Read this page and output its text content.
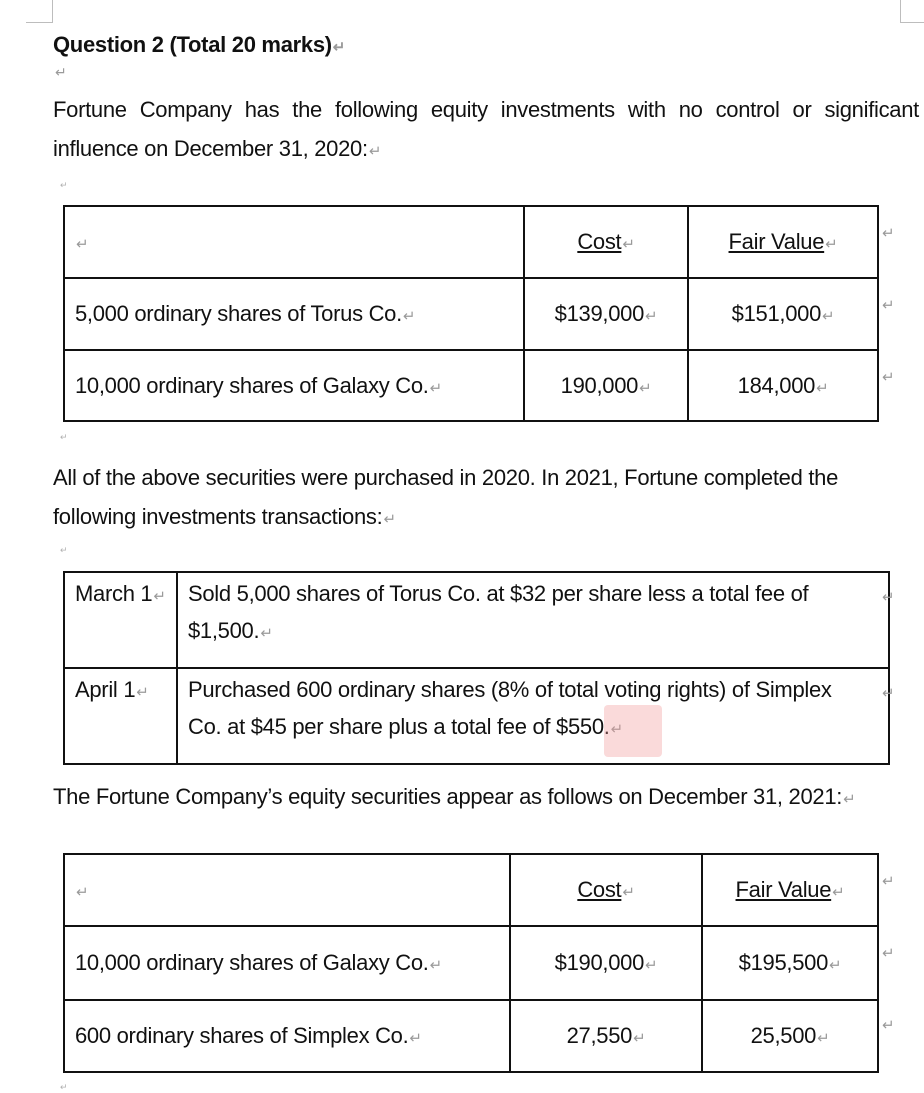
Question 2 (Total 20 marks) ↵
↵
Fortune Company has the following equity investments with no control or significant influence on December 31, 2020: ↵
↵
↵	Cost ↵	Fair Value ↵
5,000 ordinary shares of Torus Co. ↵	$139,000 ↵	$151,000 ↵
10,000 ordinary shares of Galaxy Co. ↵	190,000 ↵	184,000 ↵
↵
↵
↵
↵
All of the above securities were purchased in 2020. In 2021, Fortune completed the following investments transactions: ↵
↵
March 1 ↵	Sold 5,000 shares of Torus Co. at $32 per share less a total fee of $1,500. ↵
April 1 ↵	Purchased 600 ordinary shares (8% of total voting rights) of Simplex Co. at $45 per share plus a total fee of $550. ↵
↵
↵
The Fortune Company’s equity securities appear as follows on December 31, 2021: ↵
↵	Cost ↵	Fair Value ↵
10,000 ordinary shares of Galaxy Co. ↵	$190,000 ↵	$195,500 ↵
600 ordinary shares of Simplex Co. ↵	27,550 ↵	25,500 ↵
↵
↵
↵
↵
